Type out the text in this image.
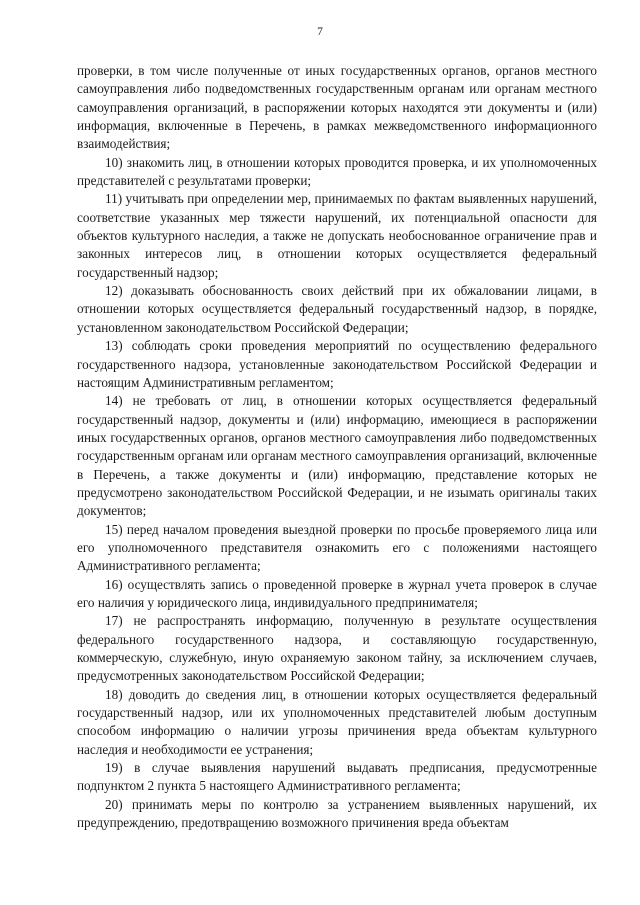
7

проверки, в том числе полученные от иных государственных органов, органов местного самоуправления либо подведомственных государственным органам или органам местного самоуправления организаций, в распоряжении которых находятся эти документы и (или) информация, включенные в Перечень, в рамках межведомственного информационного взаимодействия;

10) знакомить лиц, в отношении которых проводится проверка, и их уполномоченных представителей с результатами проверки;

11) учитывать при определении мер, принимаемых по фактам выявленных нарушений, соответствие указанных мер тяжести нарушений, их потенциальной опасности для объектов культурного наследия, а также не допускать необоснованное ограничение прав и законных интересов лиц, в отношении которых осуществляется федеральный государственный надзор;

12) доказывать обоснованность своих действий при их обжаловании лицами, в отношении которых осуществляется федеральный государственный надзор, в порядке, установленном законодательством Российской Федерации;

13) соблюдать сроки проведения мероприятий по осуществлению федерального государственного надзора, установленные законодательством Российской Федерации и настоящим Административным регламентом;

14) не требовать от лиц, в отношении которых осуществляется федеральный государственный надзор, документы и (или) информацию, имеющиеся в распоряжении иных государственных органов, органов местного самоуправления либо подведомственных государственным органам или органам местного самоуправления организаций, включенные в Перечень, а также документы и (или) информацию, представление которых не предусмотрено законодательством Российской Федерации, и не изымать оригиналы таких документов;

15) перед началом проведения выездной проверки по просьбе проверяемого лица или его уполномоченного представителя ознакомить его с положениями настоящего Административного регламента;

16) осуществлять запись о проведенной проверке в журнал учета проверок в случае его наличия у юридического лица, индивидуального предпринимателя;

17) не распространять информацию, полученную в результате осуществления федерального государственного надзора, и составляющую государственную, коммерческую, служебную, иную охраняемую законом тайну, за исключением случаев, предусмотренных законодательством Российской Федерации;

18) доводить до сведения лиц, в отношении которых осуществляется федеральный государственный надзор, или их уполномоченных представителей любым доступным способом информацию о наличии угрозы причинения вреда объектам культурного наследия и необходимости ее устранения;

19) в случае выявления нарушений выдавать предписания, предусмотренные подпунктом 2 пункта 5 настоящего Административного регламента;

20) принимать меры по контролю за устранением выявленных нарушений, их предупреждению, предотвращению возможного причинения вреда объектам
